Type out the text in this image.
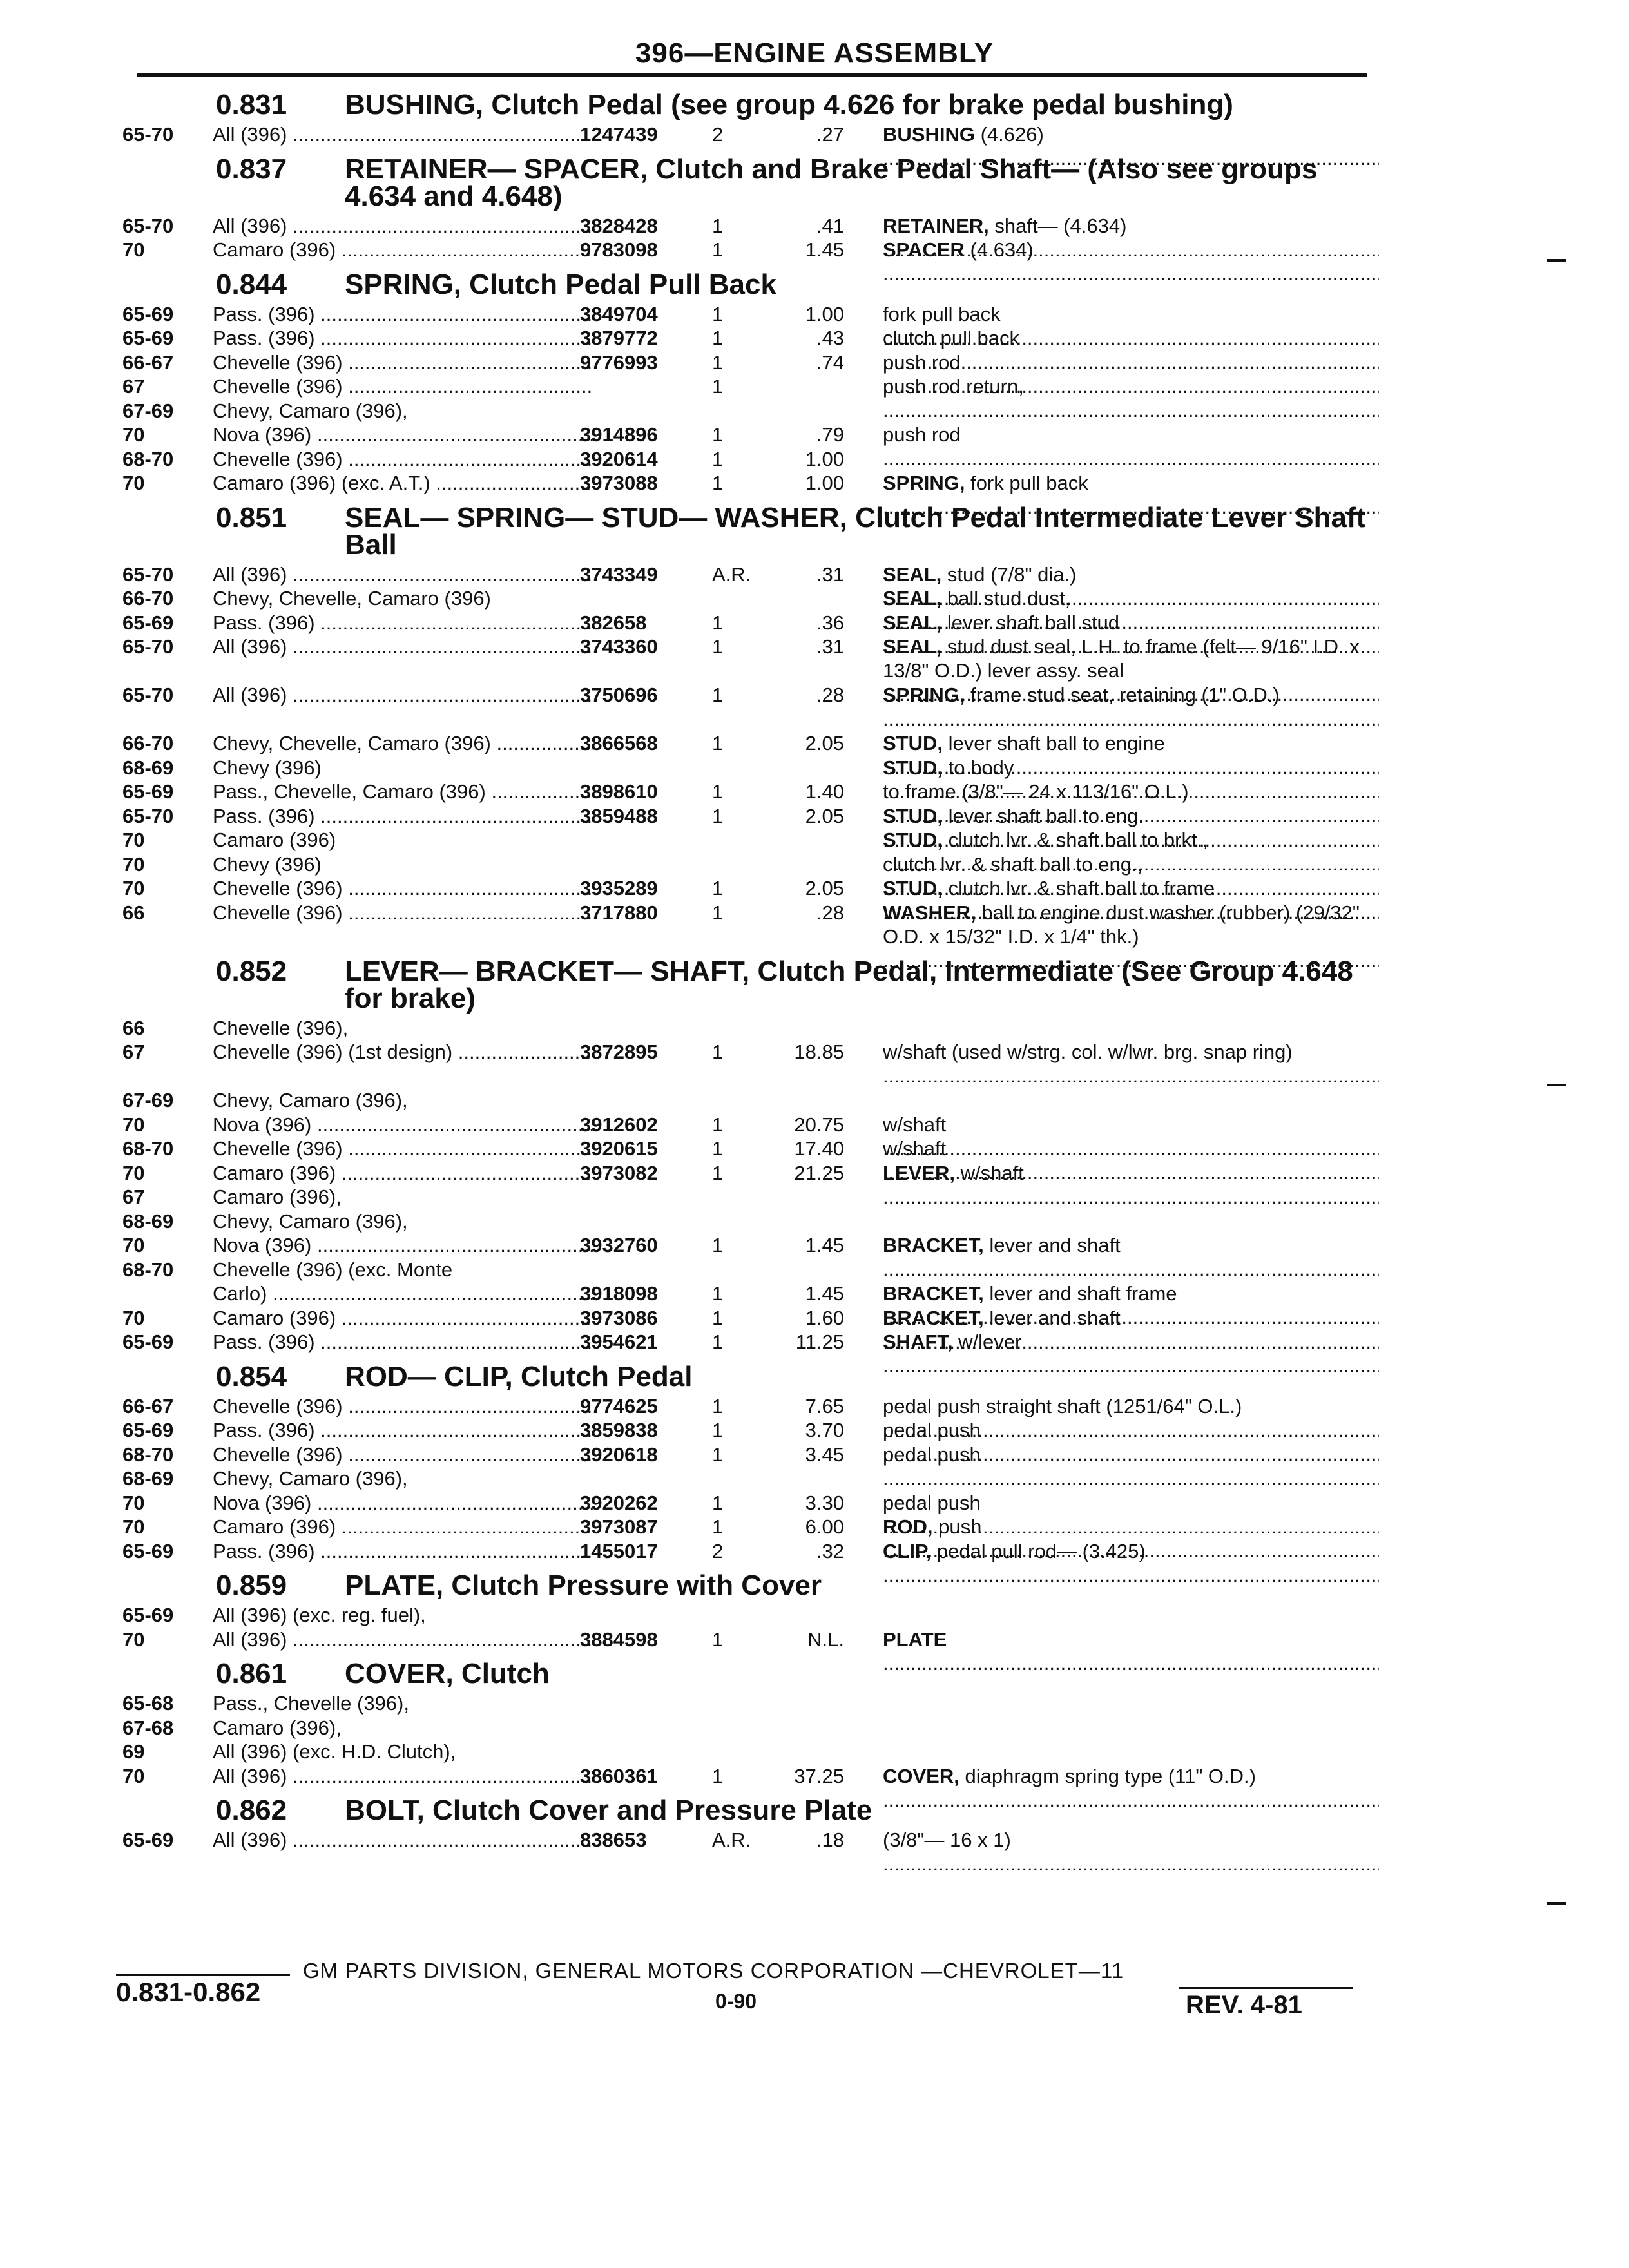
396—ENGINE ASSEMBLY
0.831 BUSHING, Clutch Pedal (see group 4.626 for brake pedal bushing)
65-70 All (396) .....	1247439	2	.27 BUSHING (4.626) .....
0.837 RETAINER— SPACER, Clutch and Brake Pedal Shaft— (Also see groups 4.634 and 4.648)
65-70 All (396) .....	3828428	1	.41 RETAINER, shaft— (4.634) .....
70	Camaro (396) .....	9783098	1	1.45 SPACER (4.634) .....
0.844 SPRING, Clutch Pedal Pull Back
65-69 Pass. (396) .....	3849704	1	1.00 fork pull back .....
65-69 Pass. (396) .....	3879772	1	.43 clutch pull back .....
66-67 Chevelle (396) .....	9776993	1	.74 push rod .....
67	Chevelle (396) .....	1	push rod return, .....
67-69 Chevy, Camaro (396),
70	Nova (396) .....	3914896	1	.79 push rod .....
68-70 Chevelle (396) .....	3920614	1	1.00
70	Camaro (396) (exc. A.T.) .....	3973088	1	1.00 SPRING, fork pull back .....
0.851 SEAL— SPRING— STUD— WASHER, Clutch Pedal Intermediate Lever Shaft Ball
65-70 All (396) .....	3743349	A.R.	.31 SEAL, stud (7/8" dia.) .....
66-70 Chevy, Chevelle, Camaro (396)	SEAL, ball stud dust, .....
65-69 Pass. (396) .....	382658	1	.36 SEAL, lever shaft ball stud .....
65-70 All (396) .....	3743360	1	.31 SEAL, stud dust seal, L.H. to frame (felt— 9/16" I.D. x 13/8" O.D.) lever assy. seal .....
65-70 All (396) .....	3750696	1	.28 SPRING, frame stud seat, retaining (1" O.D.) .....
66-70 Chevy, Chevelle, Camaro (396) .....	3866568	1	2.05 STUD, lever shaft ball to engine .....
68-69 Chevy (396)	STUD, to body .....
65-69 Pass., Chevelle, Camaro (396) .....	3898610	1	1.40 to frame (3/8"— 24 x 113/16" O.L.) .....
65-70 Pass. (396) .....	3859488	1	2.05 STUD, lever shaft ball to eng. .....
70	Camaro (396)	STUD, clutch lvr. & shaft ball to brkt., .....
70	Chevy (396)	clutch lvr. & shaft ball to eng., .....
70	Chevelle (396) .....	3935289	1	2.05 STUD, clutch lvr. & shaft ball to frame .....
66	Chevelle (396) .....	3717880	1	.28 WASHER, ball to engine dust washer (rubber) (29/32" O.D. x 15/32" I.D. x 1/4" thk.) .....
0.852 LEVER— BRACKET— SHAFT, Clutch Pedal, Intermediate (See Group 4.648 for brake)
66	Chevelle (396),
67	Chevelle (396) (1st design) .....	3872895	1	18.85 w/shaft (used w/strg. col. w/lwr. brg. snap ring) .....
67-69 Chevy, Camaro (396),
70	Nova (396) .....	3912602	1	20.75 w/shaft .....
68-70 Chevelle (396) .....	3920615	1	17.40 w/shaft .....
70	Camaro (396) .....	3973082	1	21.25 LEVER, w/shaft .....
67	Camaro (396),
68-69 Chevy, Camaro (396),
70	Nova (396) .....	3932760	1	1.45 BRACKET, lever and shaft .....
68-70 Chevelle (396) (exc. Monte
Carlo) .....	3918098	1	1.45 BRACKET, lever and shaft frame .....
70	Camaro (396) .....	3973086	1	1.60 BRACKET, lever and shaft .....
65-69 Pass. (396) .....	3954621	1	11.25 SHAFT, w/lever .....
0.854 ROD— CLIP, Clutch Pedal
66-67 Chevelle (396) .....	9774625	1	7.65 pedal push straight shaft (1251/64" O.L.) .....
65-69 Pass. (396) .....	3859838	1	3.70 pedal push .....
68-70 Chevelle (396) .....	3920618	1	3.45 pedal push .....
68-69 Chevy, Camaro (396),
70	Nova (396) .....	3920262	1	3.30 pedal push .....
70	Camaro (396) .....	3973087	1	6.00 ROD, push .....
65-69 Pass. (396) .....	1455017	2	.32 CLIP, pedal pull rod— (3.425) .....
0.859 PLATE, Clutch Pressure with Cover
65-69 All (396) (exc. reg. fuel),
70	All (396) .....	3884598	1	N.L. PLATE .....
0.861 COVER, Clutch
65-68 Pass., Chevelle (396),
67-68 Camaro (396),
69	All (396) (exc. H.D. Clutch),
70	All (396) .....	3860361	1	37.25 COVER, diaphragm spring type (11" O.D.) .....
0.862 BOLT, Clutch Cover and Pressure Plate
65-69 All (396) .....	838653	A.R.	.18 (3/8"— 16 x 1) .....
GM PARTS DIVISION, GENERAL MOTORS CORPORATION —CHEVROLET—11
0.831-0.862	0-90	REV. 4-81
